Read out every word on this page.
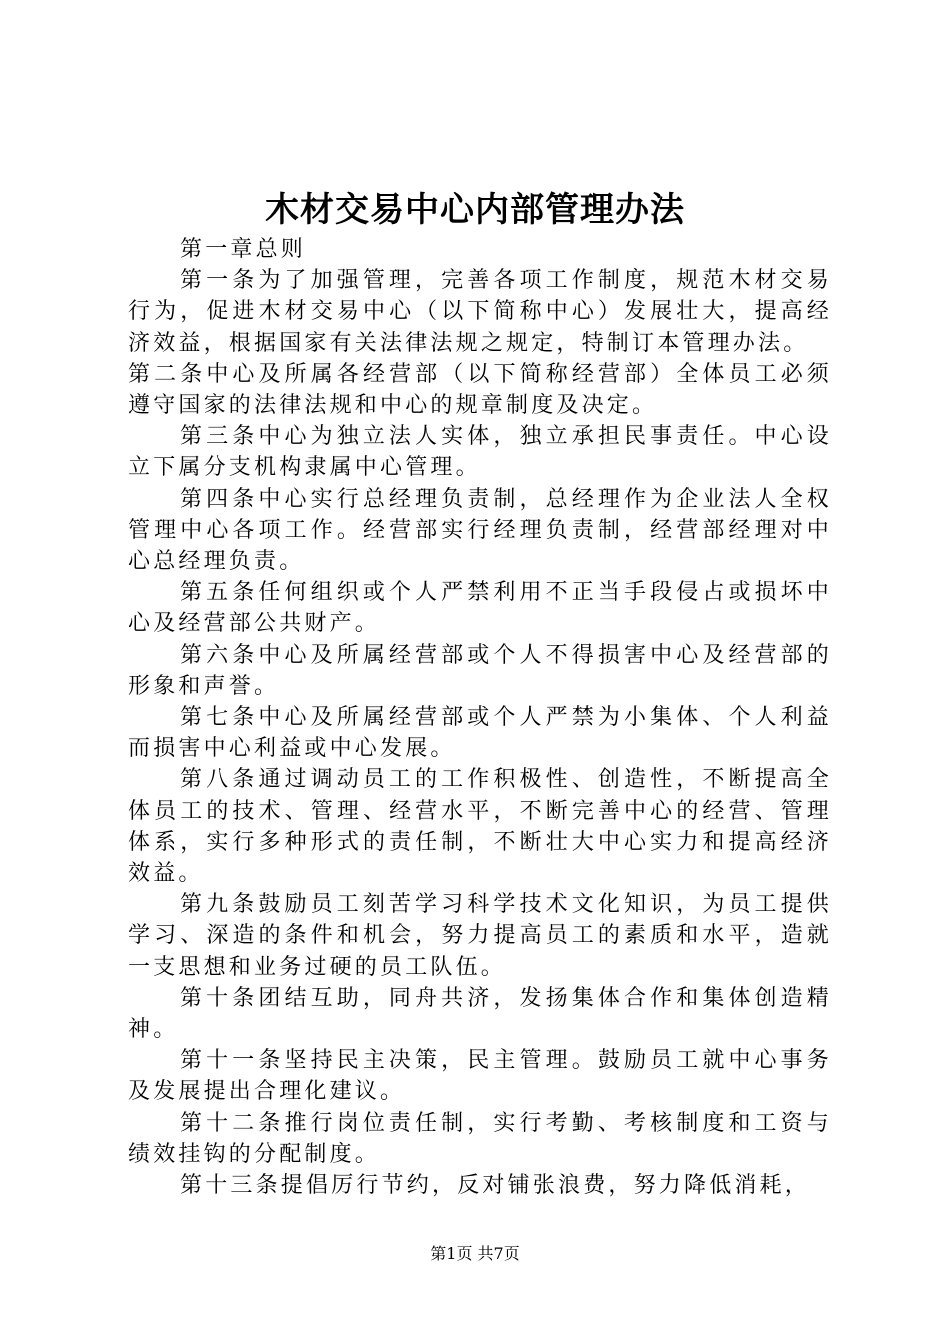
木材交易中心内部管理办法

第一章总则

第一条为了加强管理，完善各项工作制度，规范木材交易行为，促进木材交易中心（以下简称中心）发展壮大，提高经济效益，根据国家有关法律法规之规定，特制订本管理办法。

第二条中心及所属各经营部（以下简称经营部）全体员工必须遵守国家的法律法规和中心的规章制度及决定。

第三条中心为独立法人实体，独立承担民事责任。中心设立下属分支机构隶属中心管理。

第四条中心实行总经理负责制，总经理作为企业法人全权管理中心各项工作。经营部实行经理负责制，经营部经理对中心总经理负责。

第五条任何组织或个人严禁利用不正当手段侵占或损坏中心及经营部公共财产。

第六条中心及所属经营部或个人不得损害中心及经营部的形象和声誉。

第七条中心及所属经营部或个人严禁为小集体、个人利益而损害中心利益或中心发展。

第八条通过调动员工的工作积极性、创造性，不断提高全体员工的技术、管理、经营水平，不断完善中心的经营、管理体系，实行多种形式的责任制，不断壮大中心实力和提高经济效益。

第九条鼓励员工刻苦学习科学技术文化知识，为员工提供学习、深造的条件和机会，努力提高员工的素质和水平，造就一支思想和业务过硬的员工队伍。

第十条团结互助，同舟共济，发扬集体合作和集体创造精神。

第十一条坚持民主决策，民主管理。鼓励员工就中心事务及发展提出合理化建议。

第十二条推行岗位责任制，实行考勤、考核制度和工资与绩效挂钩的分配制度。

第十三条提倡厉行节约，反对铺张浪费，努力降低消耗，

第1页 共7页
